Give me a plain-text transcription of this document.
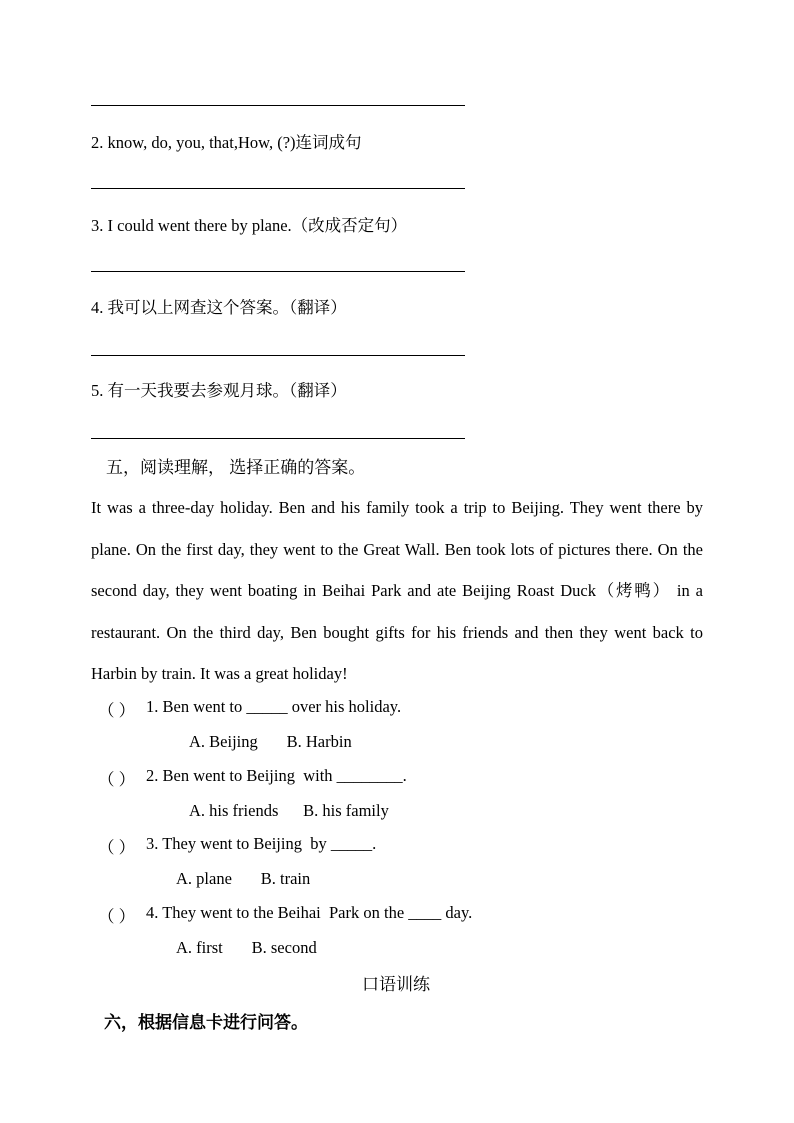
2. know, do, you, that,How, (?)连词成句
3. I could went there by plane.（改成否定句）
4. 我可以上网查这个答案。（翻译）
5. 有一天我要去参观月球。（翻译）
五，阅读理解， 选择正确的答案。
It was a three-day holiday. Ben and his family took a trip to Beijing. They went there by plane. On the first day, they went to the Great Wall. Ben took lots of pictures there. On the second day, they went boating in Beihai Park and ate Beijing Roast Duck（烤鸭） in a restaurant. On the third day, Ben bought gifts for his friends and then they went back to Harbin by train. It was a great holiday!
（ ） 1. Ben went to _____ over his holiday.
A. Beijing       B. Harbin
（ ） 2. Ben went to Beijing  with ________.
A. his friends      B. his family
（ ） 3. They went to Beijing  by _____.
A. plane       B. train
（ ） 4. They went to the Beihai  Park on the ____ day.
A. first       B. second
口语训练
六，根据信息卡进行问答。
